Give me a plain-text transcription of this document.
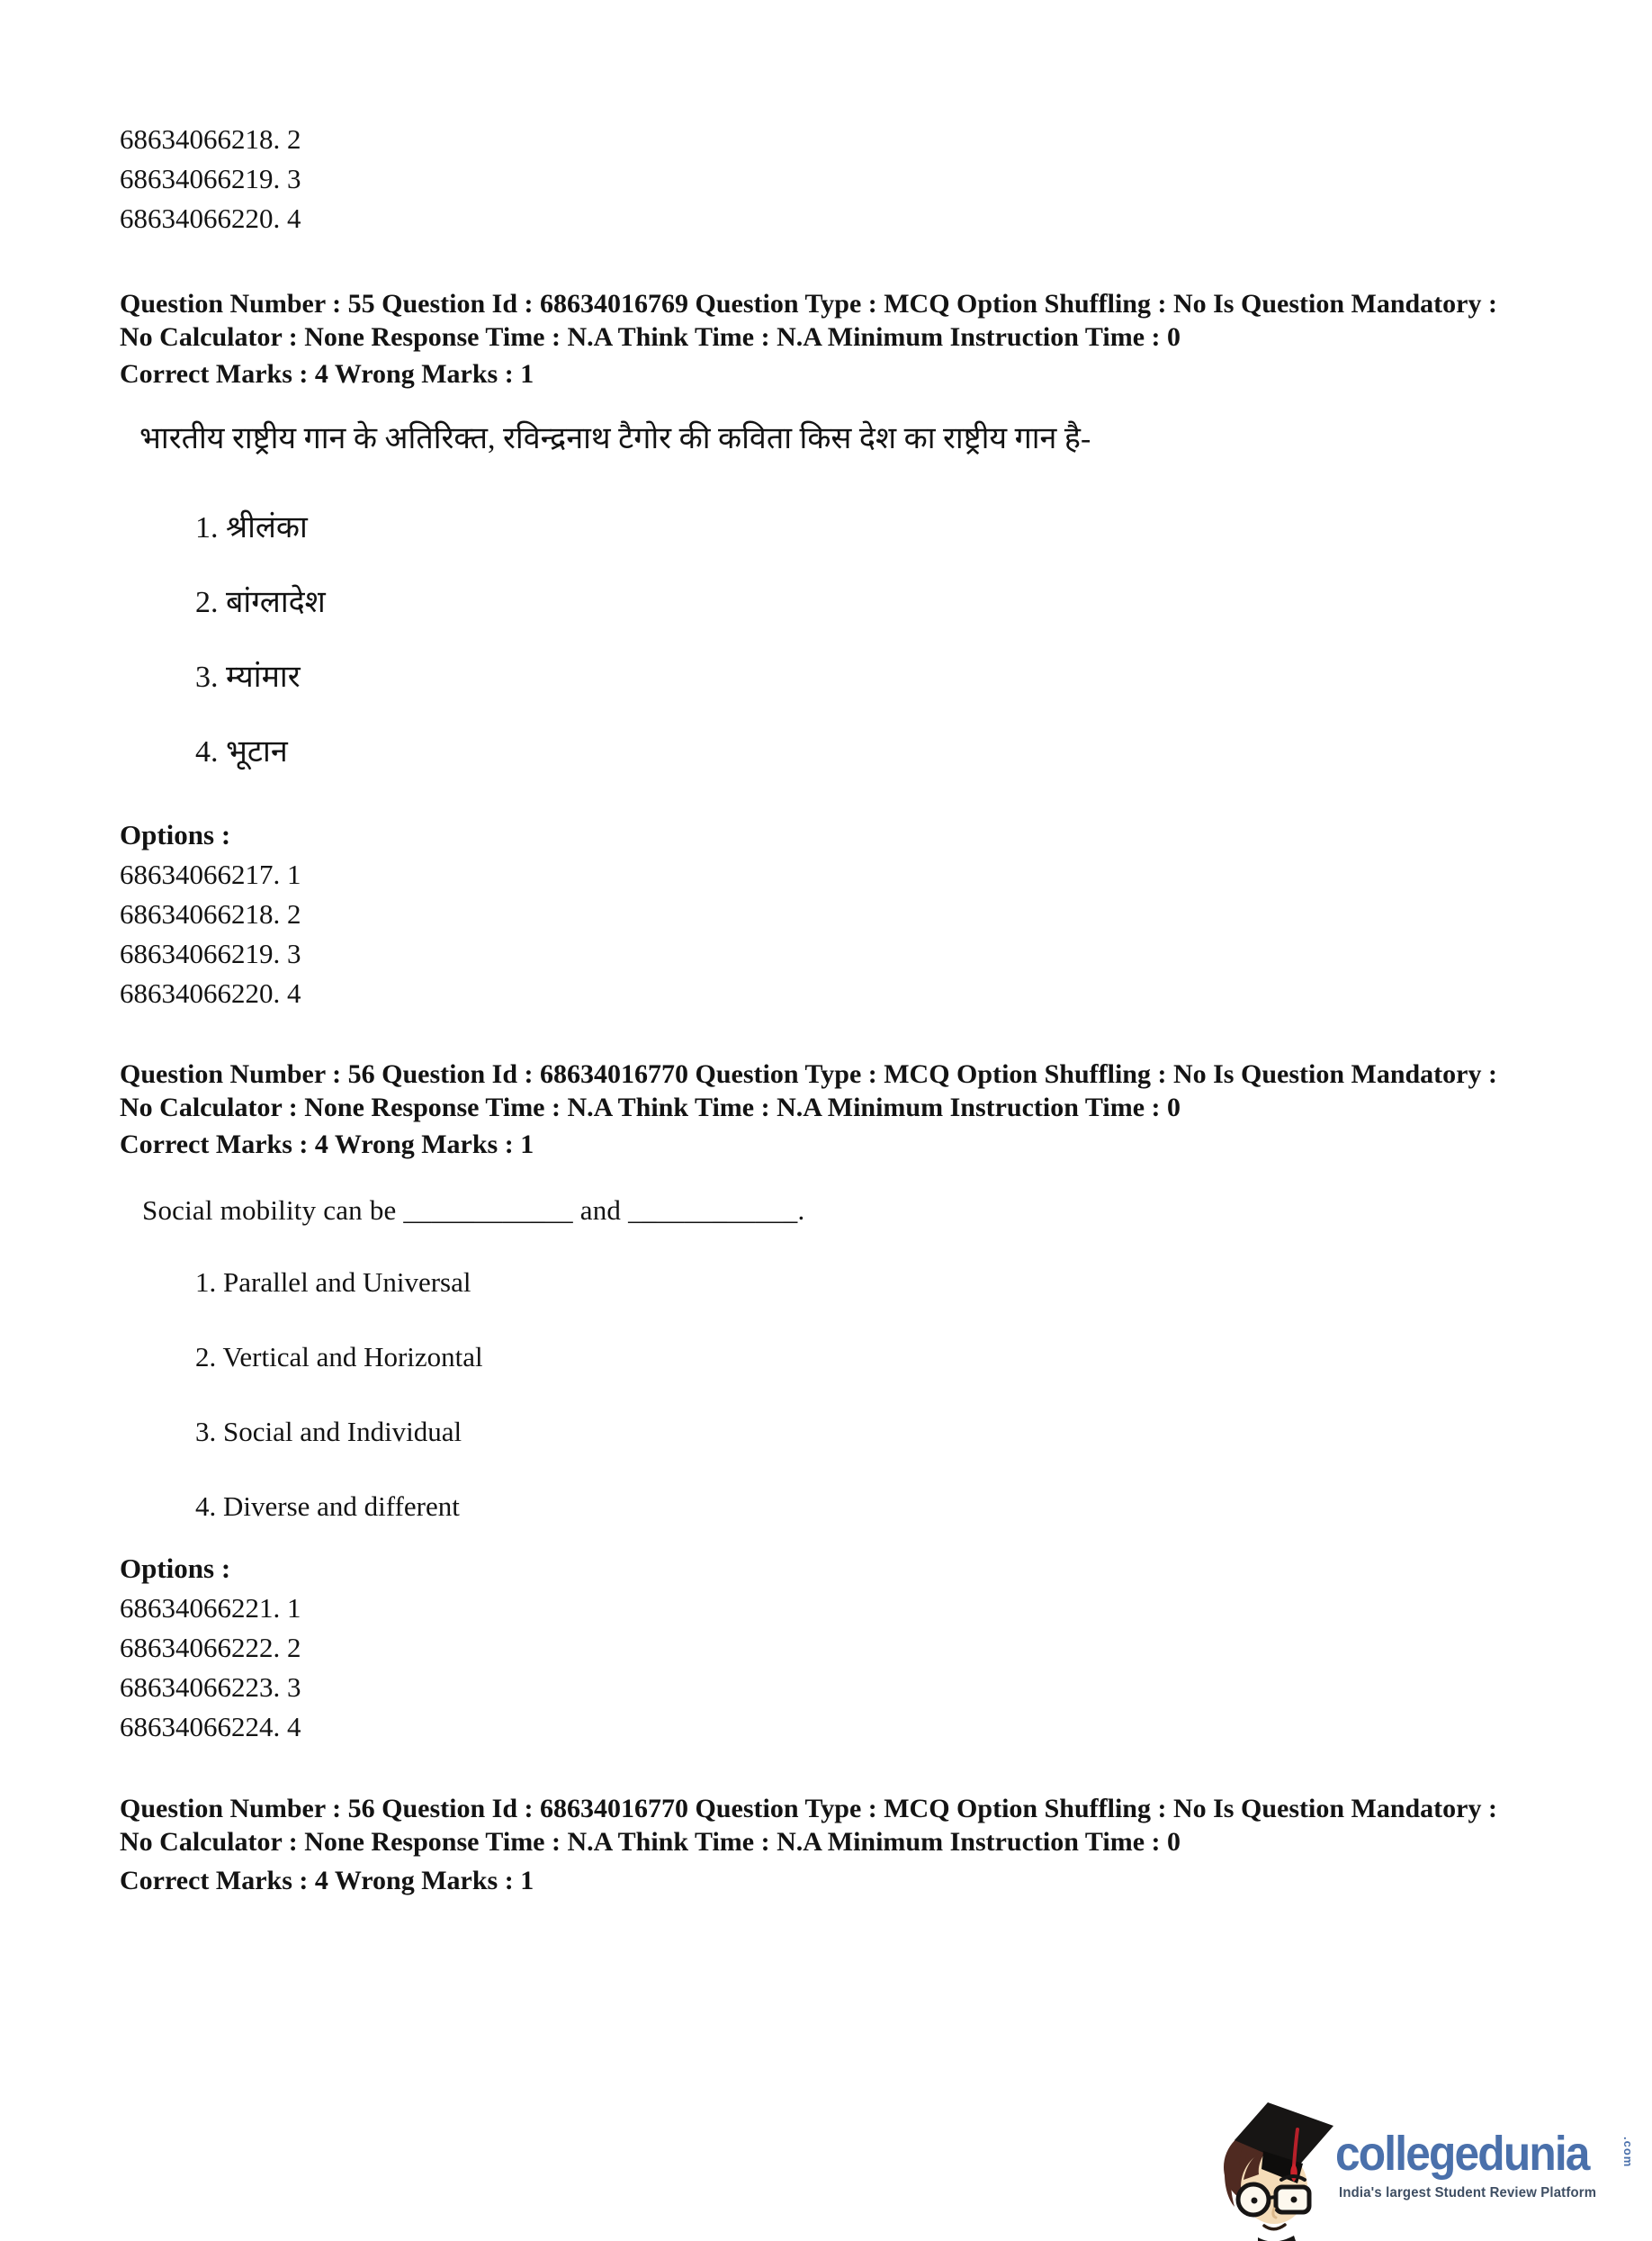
68634066218. 2
68634066219. 3
68634066220. 4
Question Number : 55 Question Id : 68634016769 Question Type : MCQ Option Shuffling : No Is Question Mandatory :
No Calculator : None Response Time : N.A Think Time : N.A Minimum Instruction Time : 0
Correct Marks : 4 Wrong Marks : 1
भारतीय राष्ट्रीय गान के अतिरिक्त, रविन्द्रनाथ टैगोर की कविता किस देश का राष्ट्रीय गान है-
1. श्रीलंका
2. बांग्लादेश
3. म्यांमार
4. भूटान
Options :
68634066217. 1
68634066218. 2
68634066219. 3
68634066220. 4
Question Number : 56 Question Id : 68634016770 Question Type : MCQ Option Shuffling : No Is Question Mandatory :
No Calculator : None Response Time : N.A Think Time : N.A Minimum Instruction Time : 0
Correct Marks : 4 Wrong Marks : 1
Social mobility can be ____________ and ____________.
1. Parallel and Universal
2. Vertical and Horizontal
3. Social and Individual
4. Diverse and different
Options :
68634066221. 1
68634066222. 2
68634066223. 3
68634066224. 4
Question Number : 56 Question Id : 68634016770 Question Type : MCQ Option Shuffling : No Is Question Mandatory :
No Calculator : None Response Time : N.A Think Time : N.A Minimum Instruction Time : 0
Correct Marks : 4 Wrong Marks : 1
collegedunia	.com
India's largest Student Review Platform
